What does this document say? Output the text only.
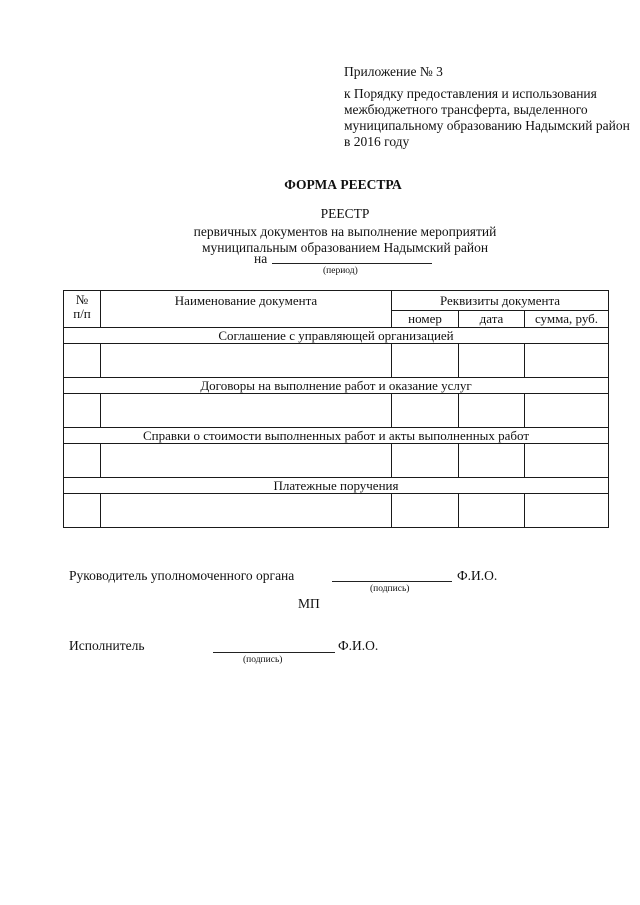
Приложение № 3
к Порядку предоставления и использования
межбюджетного трансферта, выделенного
муниципальному образованию Надымский район
в 2016 году
ФОРМА РЕЕСТРА
РЕЕСТР
первичных документов на выполнение мероприятий
муниципальным образованием Надымский район
на
(период)
№
п/п	Наименование документа	Реквизиты документа		
		номер	дата	сумма, руб.
Соглашение с управляющей организацией				

Договоры на выполнение работ и оказание услуг				

Справки о стоимости выполненных работ и акты выполненных работ				

Платежные поручения				

Руководитель уполномоченного органа	Ф.И.О.
(подпись)
МП
Исполнитель	Ф.И.О.
(подпись)
